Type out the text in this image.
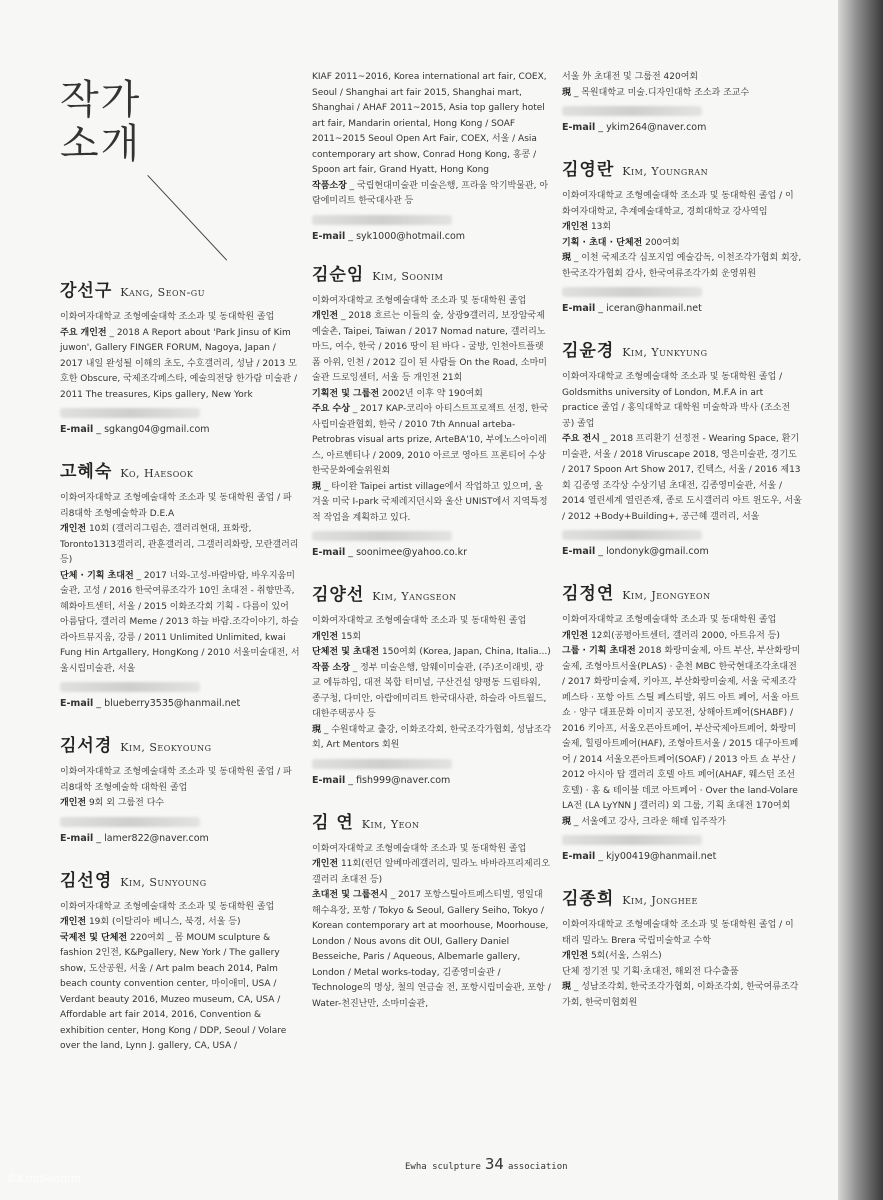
작가
소개
강선구 Kang, Seon-gu
이화여자대학교 조형예술대학 조소과 및 동대학원 졸업
주요 개인전 _ 2018 A Report about 'Park Jinsu of Kim juwon', Gallery FINGER FORUM, Nagoya, Japan / 2017 내일 완성될 이해의 초도, 수호갤러리, 성남 / 2013 모호한 Obscure, 국제조각페스타, 예술의전당 한가람 미술관 / 2011 The treasures, Kips gallery, New York
E-mail _ sgkang04@gmail.com
고혜숙 Ko, Haesook
이화여자대학교 조형예술대학 조소과 및 동대학원 졸업 / 파리8대학 조형예술학과 D.E.A
개인전 10회 (갤러리그림손, 갤러리현대, 표화랑, Toronto1313갤러리, 관훈갤러리, 그갤러리화랑, 모란갤러리 등)
단체 · 기획 초대전 _ 2017 너와-고성-바람바람, 바우지움미술관, 고성 / 2016 한국여류조각가 10인 초대전 - 취향만족, 혜화아트센터, 서울 / 2015 이화조각회 기획 - 다름이 있어 아름답다, 갤러리 Meme / 2013 하늘 바람.조각이야기, 하슬라아트뮤지움, 강릉 / 2011 Unlimited Unlimited, kwai Fung Hin Artgallery, HongKong / 2010 서울미술대전, 서울시립미술관, 서울
E-mail _ blueberry3535@hanmail.net
김서경 Kim, Seokyoung
이화여자대학교 조형예술대학 조소과 및 동대학원 졸업 / 파리8대학 조형예술학 대학원 졸업
개인전 9회 외 그룹전 다수
E-mail _ lamer822@naver.com
김선영 Kim, Sunyoung
이화여자대학교 조형예술대학 조소과 및 동대학원 졸업
개인전 19회 (이탈리아 베니스, 북경, 서울 등)
국제전 및 단체전 220여회 _ 몸 MOUM sculpture & fashion 2인전, K&Pgallery, New York / The gallery show, 도산공원, 서울 / Art palm beach 2014, Palm beach county convention center, 마이애미, USA / Verdant beauty 2016, Muzeo museum, CA, USA / Affordable art fair 2014, 2016, Convention & exhibition center, Hong Kong / DDP, Seoul / Volare over the land, Lynn J. gallery, CA, USA /
KIAF 2011~2016, Korea international art fair, COEX, Seoul / Shanghai art fair 2015, Shanghai mart, Shanghai / AHAF 2011~2015, Asia top gallery hotel art fair, Mandarin oriental, Hong Kong / SOAF 2011~2015 Seoul Open Art Fair, COEX, 서울 / Asia contemporary art show, Conrad Hong Kong, 홍콩 / Spoon art fair, Grand Hyatt, Hong Kong
작품소장 _ 국립현대미술관 미술은행, 프라움 악기박물관, 아람에미리트 한국대사관 등
E-mail _ syk1000@hotmail.com
김순임 Kim, Soonim
이화여자대학교 조형예술대학 조소과 및 동대학원 졸업
개인전 _ 2018 흐르는 이들의 숲, 상광9갤러리, 보장암국제예술촌, Taipei, Taiwan / 2017 Nomad nature, 갤러리노마드, 여수, 한국 / 2016 땅이 된 바다 - 굴방, 인천아트플랫폼 아위, 인천 / 2012 길이 된 사람들 On the Road, 소마미술관 드로잉센터, 서울 등 개인전 21회
기획전 및 그룹전 2002년 이후 약 190여회
주요 수상 _ 2017 KAP-코리아 아티스트프로젝트 선정, 한국사립미술관협회, 한국 / 2010 7th Annual arteba-Petrobras visual arts prize, ArteBA'10, 부에노스아이레스, 아르헨티나 / 2009, 2010 아르코 영아트 프론티어 수상 한국문화예술위원회
現 _ 타이완 Taipei artist village에서 작업하고 있으며, 올 겨울 미국 I-park 국제레지던시와 울산 UNIST에서 지역특정적 작업을 계획하고 있다.
E-mail _ soonimee@yahoo.co.kr
김양선 Kim, Yangseon
이화여자대학교 조형예술대학 조소과 및 동대학원 졸업
개인전 15회
단체전 및 초대전 150여회 (Korea, Japan, China, Italia...)
작품 소장 _ 정부 미술은행, 암웨이미술관, (주)조이래빗, 광교 에듀하임, 대전 복합 터미널, 구산건설 양평동 드림타워, 종구청, 다미안, 아랍에미리트 한국대사관, 하슬라 아트월드, 대한주택공사 등
現 _ 수원대학교 출강, 이화조각회, 한국조각가협회, 성남조각회, Art Mentors 회원
E-mail _ fish999@naver.com
김 연 Kim, Yeon
이화여자대학교 조형예술대학 조소과 및 동대학원 졸업
개인전 11회(런던 알베마레갤러리, 밀라노 바바라프리제리오 갤러리 초대전 등)
초대전 및 그룹전시 _ 2017 포항스틸아트페스티벌, 영일대 해수욕장, 포항 / Tokyo & Seoul, Gallery Seiho, Tokyo / Korean contemporary art at moorhouse, Moorhouse, London / Nous avons dit OUI, Gallery Daniel Besseiche, Paris / Aqueous, Albemarle gallery, London / Metal works-today, 김종영미술관 / Technologe의 명상, 철의 연금술 전, 포항시립미술관, 포항 / Water-천진난만, 소마미술관,
서울 外 초대전 및 그룹전 420여회
現 _ 목원대학교 미술.디자인대학 조소과 조교수
E-mail _ ykim264@naver.com
김영란 Kim, Youngran
이화여자대학교 조형예술대학 조소과 및 동대학원 졸업 / 이화여자대학교, 추계예술대학교, 경희대학교 강사역임
개인전 13회
기획 · 초대 · 단체전 200여회
現 _ 이천 국제조각 심포지엄 예술감독, 이천조각가협회 회장, 한국조각가협회 감사, 한국여류조각가회 운영위원
E-mail _ iceran@hanmail.net
김윤경 Kim, Yunkyung
이화여자대학교 조형예술대학 조소과 및 동대학원 졸업 / Goldsmiths university of London, M.F.A in art practice 졸업 / 홍익대학교 대학원 미술학과 박사 (조소전공) 졸업
주요 전시 _ 2018 프리환기 선정전 - Wearing Space, 환기미술관, 서울 / 2018 Viruscape 2018, 영은미술관, 경기도 / 2017 Spoon Art Show 2017, 킨텍스, 서울 / 2016 제13회 김종영 조각상 수상기념 초대전, 김종영미술관, 서울 / 2014 열린세계 열린존재, 종로 도시갤러리 아트 윈도우, 서울 / 2012 +Body+Building+, 공근혜 갤러리, 서울
E-mail _ londonyk@gmail.com
김정연 Kim, Jeongyeon
이화여자대학교 조형예술대학 조소과 및 동대학원 졸업
개인전 12회(공평아트센터, 갤러리 2000, 아트유저 등)
그룹 · 기획 초대전 2018 화랑미술제, 아트 부산, 부산화랑미술제, 조형아트서울(PLAS) · 춘천 MBC 한국현대조각초대전 / 2017 화랑미술제, 키아프, 부산화랑미술제, 서울 국제조각페스타 · 포항 아트 스틸 페스티발, 위드 아트 페어, 서울 아트 쇼 · 양구 대표문화 이미지 공모전, 상해아트페어(SHABF) / 2016 키아프, 서울오픈아트페어, 부산국제아트페어, 화랑미술제, 힐링아트페어(HAF), 조형아트서울 / 2015 대구아트페어 / 2014 서울오픈아트페어(SOAF) / 2013 아트 쇼 부산 / 2012 아시아 탑 갤러리 호텔 아트 페어(AHAF, 웨스턴 조선 호텔) · 홈 & 테이블 데코 아트페어 · Over the land-Volare LA전 (LA LyYNN J 갤러리) 외 그룹, 기획 초대전 170여회
現 _ 서울예고 강사, 크라운 해태 입주작가
E-mail _ kjy00419@hanmail.net
김종희 Kim, Jonghee
이화여자대학교 조형예술대학 조소과 및 동대학원 졸업 / 이태리 밀라노 Brera 국립미술학교 수학
개인전 5회(서울, 스위스)
단체 정기전 및 기획·초대전, 해외전 다수출품
現 _ 성남조각회, 한국조각가협회, 이화조각회, 한국여류조각가회, 한국미협회원
Ewha sculpture 34 association
©KimSoonim
